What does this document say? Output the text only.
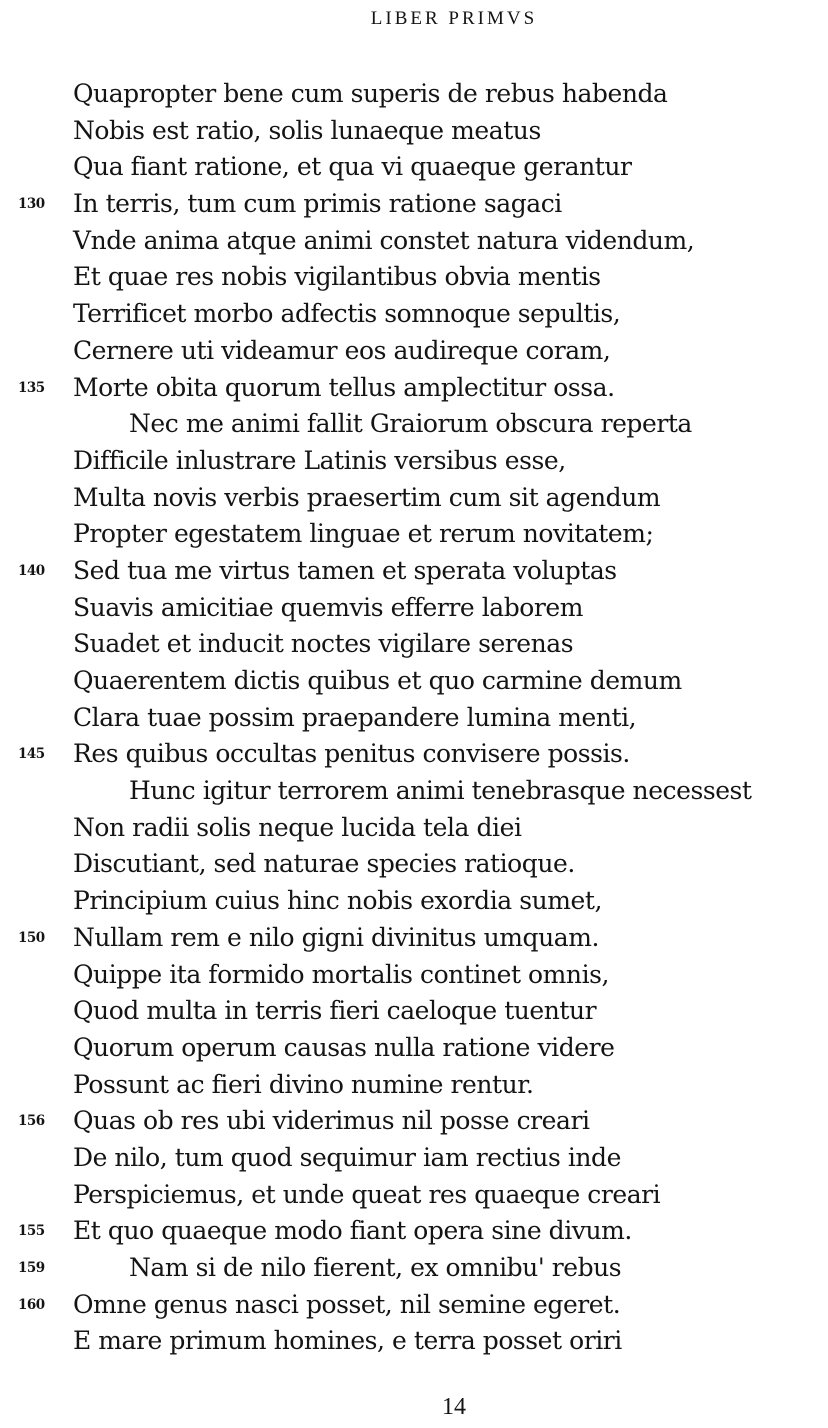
LIBER PRIMVS
Quapropter bene cum superis de rebus habenda
Nobis est ratio, solis lunaeque meatus
Qua fiant ratione, et qua vi quaeque gerantur
130	In terris, tum cum primis ratione sagaci
Vnde anima atque animi constet natura videndum,
Et quae res nobis vigilantibus obvia mentis
Terrificet morbo adfectis somnoque sepultis,
Cernere uti videamur eos audireque coram,
135	Morte obita quorum tellus amplectitur ossa.
Nec me animi fallit Graiorum obscura reperta
Difficile inlustrare Latinis versibus esse,
Multa novis verbis praesertim cum sit agendum
Propter egestatem linguae et rerum novitatem;
140	Sed tua me virtus tamen et sperata voluptas
Suavis amicitiae quemvis efferre laborem
Suadet et inducit noctes vigilare serenas
Quaerentem dictis quibus et quo carmine demum
Clara tuae possim praepandere lumina menti,
145	Res quibus occultas penitus convisere possis.
Hunc igitur terrorem animi tenebrasque necessest
Non radii solis neque lucida tela diei
Discutiant, sed naturae species ratioque.
Principium cuius hinc nobis exordia sumet,
150	Nullam rem e nilo gigni divinitus umquam.
Quippe ita formido mortalis continet omnis,
Quod multa in terris fieri caeloque tuentur
Quorum operum causas nulla ratione videre
Possunt ac fieri divino numine rentur.
156	Quas ob res ubi viderimus nil posse creari
De nilo, tum quod sequimur iam rectius inde
Perspiciemus, et unde queat res quaeque creari
155	Et quo quaeque modo fiant opera sine divum.
159	Nam si de nilo fierent, ex omnibu' rebus
160	Omne genus nasci posset, nil semine egeret.
E mare primum homines, e terra posset oriri
14
